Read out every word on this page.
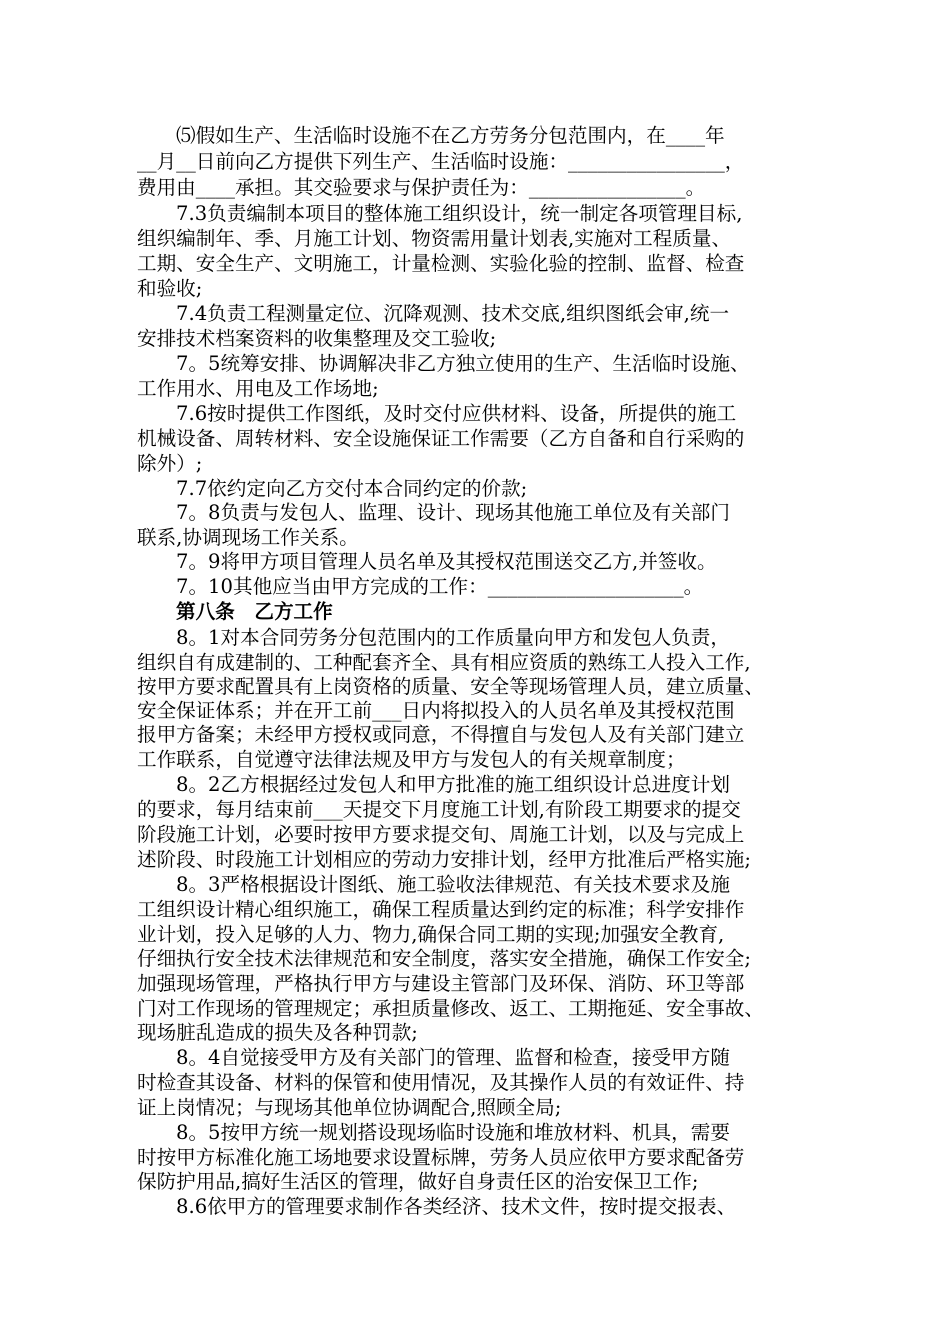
⑸假如生产、生活临时设施不在乙方劳务分包范围内，在____年
__月__日前向乙方提供下列生产、生活临时设施：________________，
费用由____承担。其交验要求与保护责任为：________________。
7.3负责编制本项目的整体施工组织设计，统一制定各项管理目标,
组织编制年、季、月施工计划、物资需用量计划表,实施对工程质量、
工期、安全生产、文明施工，计量检测、实验化验的控制、监督、检查
和验收;
7.4负责工程测量定位、沉降观测、技术交底,组织图纸会审,统一
安排技术档案资料的收集整理及交工验收;
7。5统筹安排、协调解决非乙方独立使用的生产、生活临时设施、
工作用水、用电及工作场地;
7.6按时提供工作图纸，及时交付应供材料、设备，所提供的施工
机械设备、周转材料、安全设施保证工作需要（乙方自备和自行采购的
除外）;
7.7依约定向乙方交付本合同约定的价款;
7。8负责与发包人、监理、设计、现场其他施工单位及有关部门
联系,协调现场工作关系。
7。9将甲方项目管理人员名单及其授权范围送交乙方,并签收。
7。10其他应当由甲方完成的工作：____________________。
第八条　乙方工作
8。1对本合同劳务分包范围内的工作质量向甲方和发包人负责，
组织自有成建制的、工种配套齐全、具有相应资质的熟练工人投入工作,
按甲方要求配置具有上岗资格的质量、安全等现场管理人员，建立质量、
安全保证体系；并在开工前___日内将拟投入的人员名单及其授权范围
报甲方备案；未经甲方授权或同意，不得擅自与发包人及有关部门建立
工作联系，自觉遵守法律法规及甲方与发包人的有关规章制度；
8。2乙方根据经过发包人和甲方批准的施工组织设计总进度计划
的要求，每月结束前___天提交下月度施工计划,有阶段工期要求的提交
阶段施工计划，必要时按甲方要求提交旬、周施工计划，以及与完成上
述阶段、时段施工计划相应的劳动力安排计划，经甲方批准后严格实施;
8。3严格根据设计图纸、施工验收法律规范、有关技术要求及施
工组织设计精心组织施工，确保工程质量达到约定的标准；科学安排作
业计划，投入足够的人力、物力,确保合同工期的实现;加强安全教育,
仔细执行安全技术法律规范和安全制度，落实安全措施，确保工作安全;
加强现场管理，严格执行甲方与建设主管部门及环保、消防、环卫等部
门对工作现场的管理规定；承担质量修改、返工、工期拖延、安全事故、
现场脏乱造成的损失及各种罚款;
8。4自觉接受甲方及有关部门的管理、监督和检查，接受甲方随
时检查其设备、材料的保管和使用情况，及其操作人员的有效证件、持
证上岗情况；与现场其他单位协调配合,照顾全局;
8。5按甲方统一规划搭设现场临时设施和堆放材料、机具，需要
时按甲方标准化施工场地要求设置标牌，劳务人员应依甲方要求配备劳
保防护用品,搞好生活区的管理，做好自身责任区的治安保卫工作;
8.6依甲方的管理要求制作各类经济、技术文件，按时提交报表、
